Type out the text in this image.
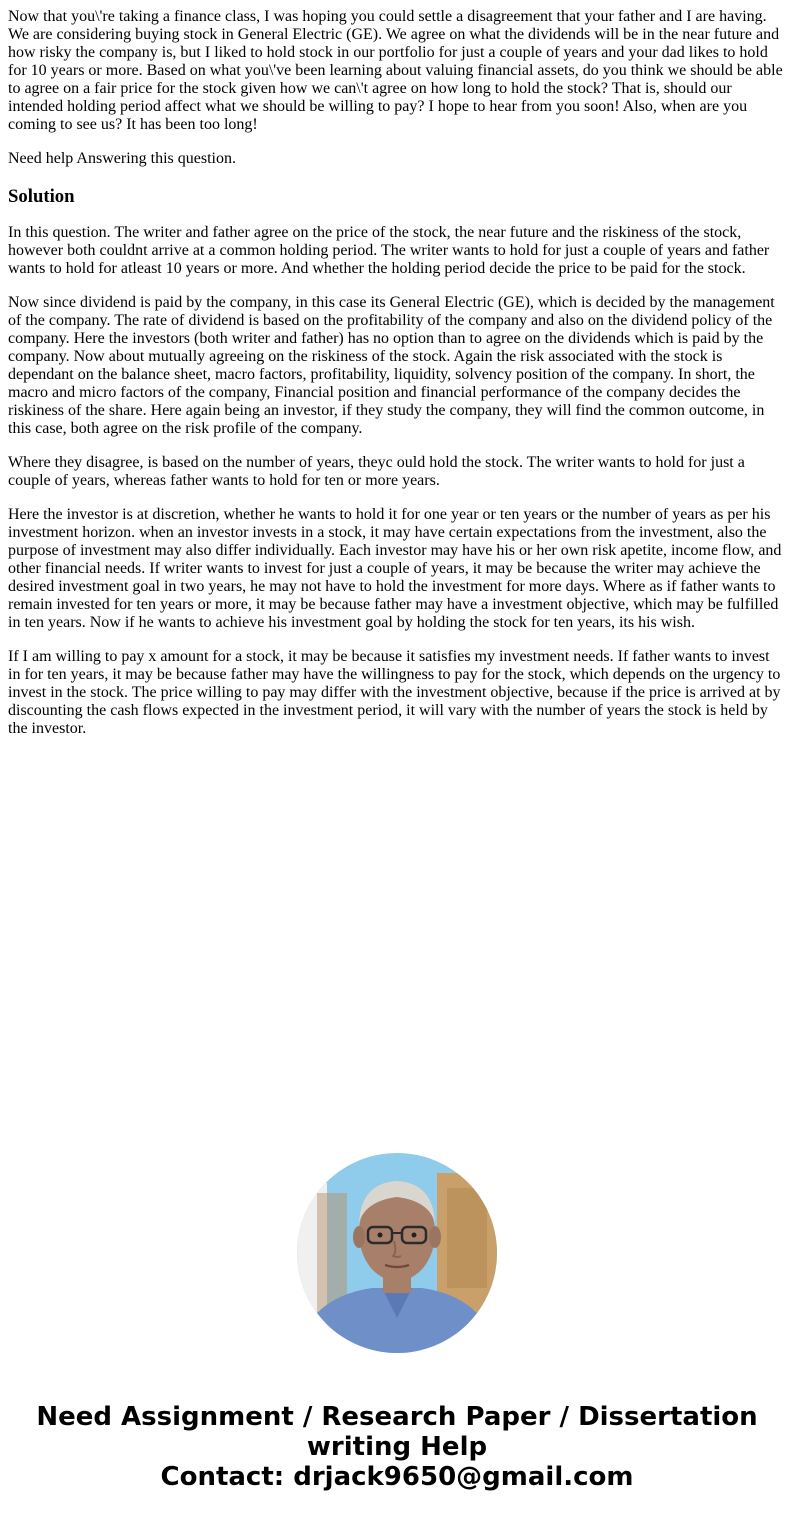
Now that you\'re taking a finance class, I was hoping you could settle a disagreement that your father and I are having. We are considering buying stock in General Electric (GE). We agree on what the dividends will be in the near future and how risky the company is, but I liked to hold stock in our portfolio for just a couple of years and your dad likes to hold for 10 years or more. Based on what you\'ve been learning about valuing financial assets, do you think we should be able to agree on a fair price for the stock given how we can\'t agree on how long to hold the stock? That is, should our intended holding period affect what we should be willing to pay? I hope to hear from you soon! Also, when are you coming to see us? It has been too long!

Need help Answering this question.

Solution

In this question. The writer and father agree on the price of the stock, the near future and the riskiness of the stock, however both couldnt arrive at a common holding period. The writer wants to hold for just a couple of years and father wants to hold for atleast 10 years or more. And whether the holding period decide the price to be paid for the stock.

Now since dividend is paid by the company, in this case its General Electric (GE), which is decided by the management of the company. The rate of dividend is based on the profitability of the company and also on the dividend policy of the company. Here the investors (both writer and father) has no option than to agree on the dividends which is paid by the company. Now about mutually agreeing on the riskiness of the stock. Again the risk associated with the stock is dependant on the balance sheet, macro factors, profitability, liquidity, solvency position of the company. In short, the macro and micro factors of the company, Financial position and financial performance of the company decides the riskiness of the share. Here again being an investor, if they study the company, they will find the common outcome, in this case, both agree on the risk profile of the company.

Where they disagree, is based on the number of years, theyc ould hold the stock. The writer wants to hold for just a couple of years, whereas father wants to hold for ten or more years.

Here the investor is at discretion, whether he wants to hold it for one year or ten years or the number of years as per his investment horizon. when an investor invests in a stock, it may have certain expectations from the investment, also the purpose of investment may also differ individually. Each investor may have his or her own risk apetite, income flow, and other financial needs. If writer wants to invest for just a couple of years, it may be because the writer may achieve the desired investment goal in two years, he may not have to hold the investment for more days. Where as if father wants to remain invested for ten years or more, it may be because father may have a investment objective, which may be fulfilled in ten years. Now if he wants to achieve his investment goal by holding the stock for ten years, its his wish.

If I am willing to pay x amount for a stock, it may be because it satisfies my investment needs. If father wants to invest in for ten years, it may be because father may have the willingness to pay for the stock, which depends on the urgency to invest in the stock. The price willing to pay may differ with the investment objective, because if the price is arrived at by discounting the cash flows expected in the investment period, it will vary with the number of years the stock is held by the investor.

Need Assignment / Research Paper / Dissertation
writing Help
Contact: drjack9650@gmail.com
